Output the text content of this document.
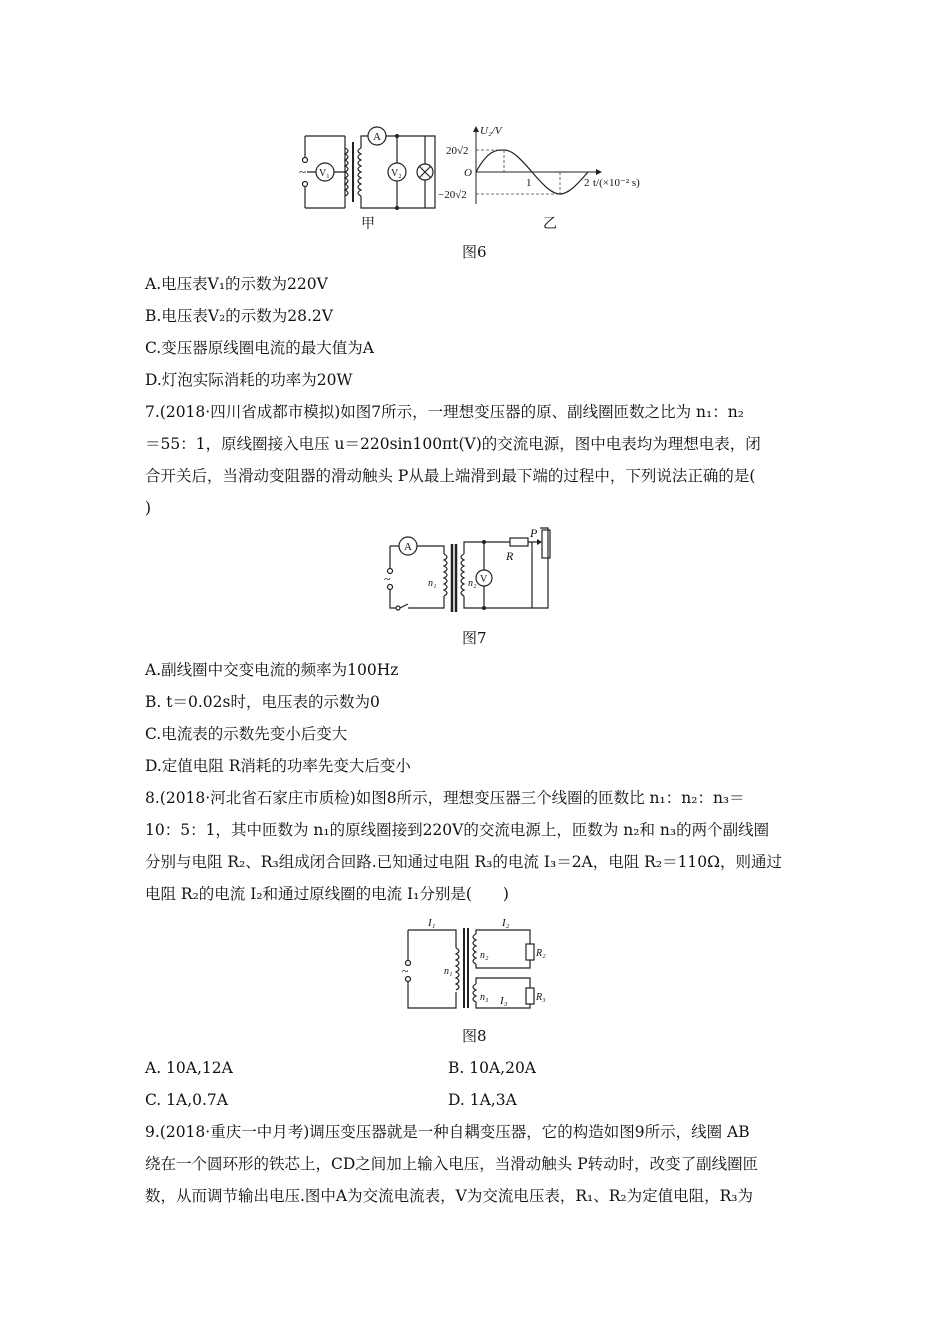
~ V₁
A
V₂
甲
U₂/V
20√2
−20√2
O
1	2 t/(×10⁻² s)
乙
图6
A.电压表V₁的示数为220V
B.电压表V₂的示数为28.2V
C.变压器原线圈电流的最大值为A
D.灯泡实际消耗的功率为20W
7.(2018·四川省成都市模拟)如图7所示，一理想变压器的原、副线圈匝数之比为 n₁：n₂
＝55：1，原线圈接入电压 u＝220sin100πt(V)的交流电源，图中电表均为理想电表，闭
合开关后，当滑动变阻器的滑动触头 P从最上端滑到最下端的过程中，下列说法正确的是(
)
~
A
n₁	n₂ V
R
P
图7
A.副线圈中交变电流的频率为100Hz
B. t＝0.02s时，电压表的示数为0
C.电流表的示数先变小后变大
D.定值电阻 R消耗的功率先变大后变小
8.(2018·河北省石家庄市质检)如图8所示，理想变压器三个线圈的匝数比 n₁：n₂：n₃＝
10：5：1，其中匝数为 n₁的原线圈接到220V的交流电源上，匝数为 n₂和 n₃的两个副线圈
分别与电阻 R₂、R₃组成闭合回路.已知通过电阻 R₃的电流 I₃＝2A，电阻 R₂＝110Ω，则通过
电阻 R₂的电流 I₂和通过原线圈的电流 I₁分别是(　　)
~
I₁
n₁
n₂
I₂
R₂
n₃ I₃	R₃
图8
A. 10A,12A	B. 10A,20A
C. 1A,0.7A	D. 1A,3A
9.(2018·重庆一中月考)调压变压器就是一种自耦变压器，它的构造如图9所示，线圈 AB
绕在一个圆环形的铁芯上，CD之间加上输入电压，当滑动触头 P转动时，改变了副线圈匝
数，从而调节输出电压.图中A为交流电流表，V为交流电压表，R₁、R₂为定值电阻，R₃为
